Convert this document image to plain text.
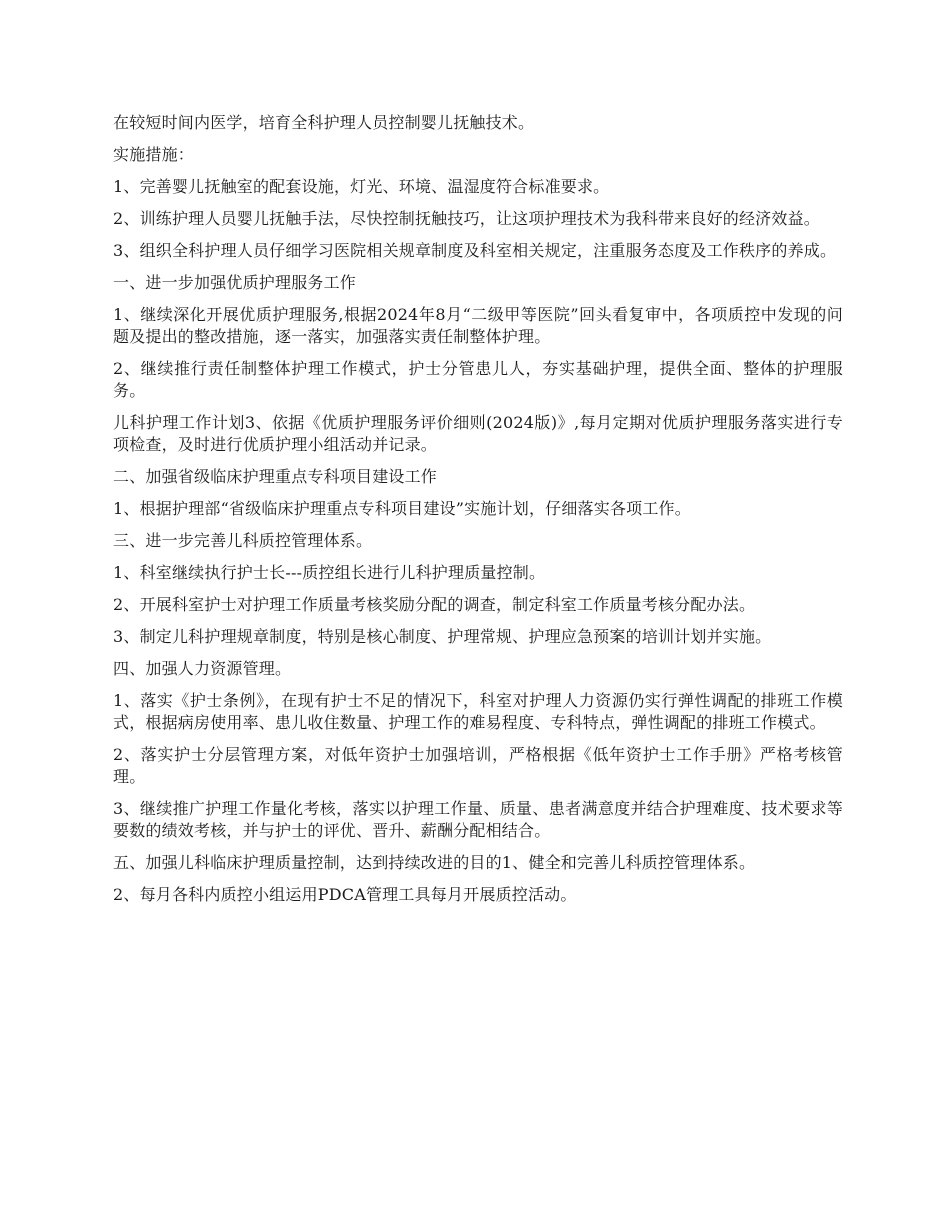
在较短时间内医学，培育全科护理人员控制婴儿抚触技术。

实施措施：

1、完善婴儿抚触室的配套设施，灯光、环境、温湿度符合标准要求。

2、训练护理人员婴儿抚触手法，尽快控制抚触技巧，让这项护理技术为我科带来良好的经济效益。

3、组织全科护理人员仔细学习医院相关规章制度及科室相关规定，注重服务态度及工作秩序的养成。

一、进一步加强优质护理服务工作

1、继续深化开展优质护理服务,根据2024年8月“二级甲等医院”回头看复审中，各项质控中发现的问题及提出的整改措施，逐一落实，加强落实责任制整体护理。

2、继续推行责任制整体护理工作模式，护士分管患儿人，夯实基础护理，提供全面、整体的护理服务。

儿科护理工作计划3、依据《优质护理服务评价细则(2024版)》,每月定期对优质护理服务落实进行专项检查，及时进行优质护理小组活动并记录。

二、加强省级临床护理重点专科项目建设工作

1、根据护理部“省级临床护理重点专科项目建设”实施计划，仔细落实各项工作。

三、进一步完善儿科质控管理体系。

1、科室继续执行护士长---质控组长进行儿科护理质量控制。

2、开展科室护士对护理工作质量考核奖励分配的调查，制定科室工作质量考核分配办法。

3、制定儿科护理规章制度，特别是核心制度、护理常规、护理应急预案的培训计划并实施。

四、加强人力资源管理。

1、落实《护士条例》，在现有护士不足的情况下，科室对护理人力资源仍实行弹性调配的排班工作模式，根据病房使用率、患儿收住数量、护理工作的难易程度、专科特点，弹性调配的排班工作模式。

2、落实护士分层管理方案，对低年资护士加强培训，严格根据《低年资护士工作手册》严格考核管理。

3、继续推广护理工作量化考核，落实以护理工作量、质量、患者满意度并结合护理难度、技术要求等要数的绩效考核，并与护士的评优、晋升、薪酬分配相结合。

五、加强儿科临床护理质量控制，达到持续改进的目的1、健全和完善儿科质控管理体系。

2、每月各科内质控小组运用PDCA管理工具每月开展质控活动。
